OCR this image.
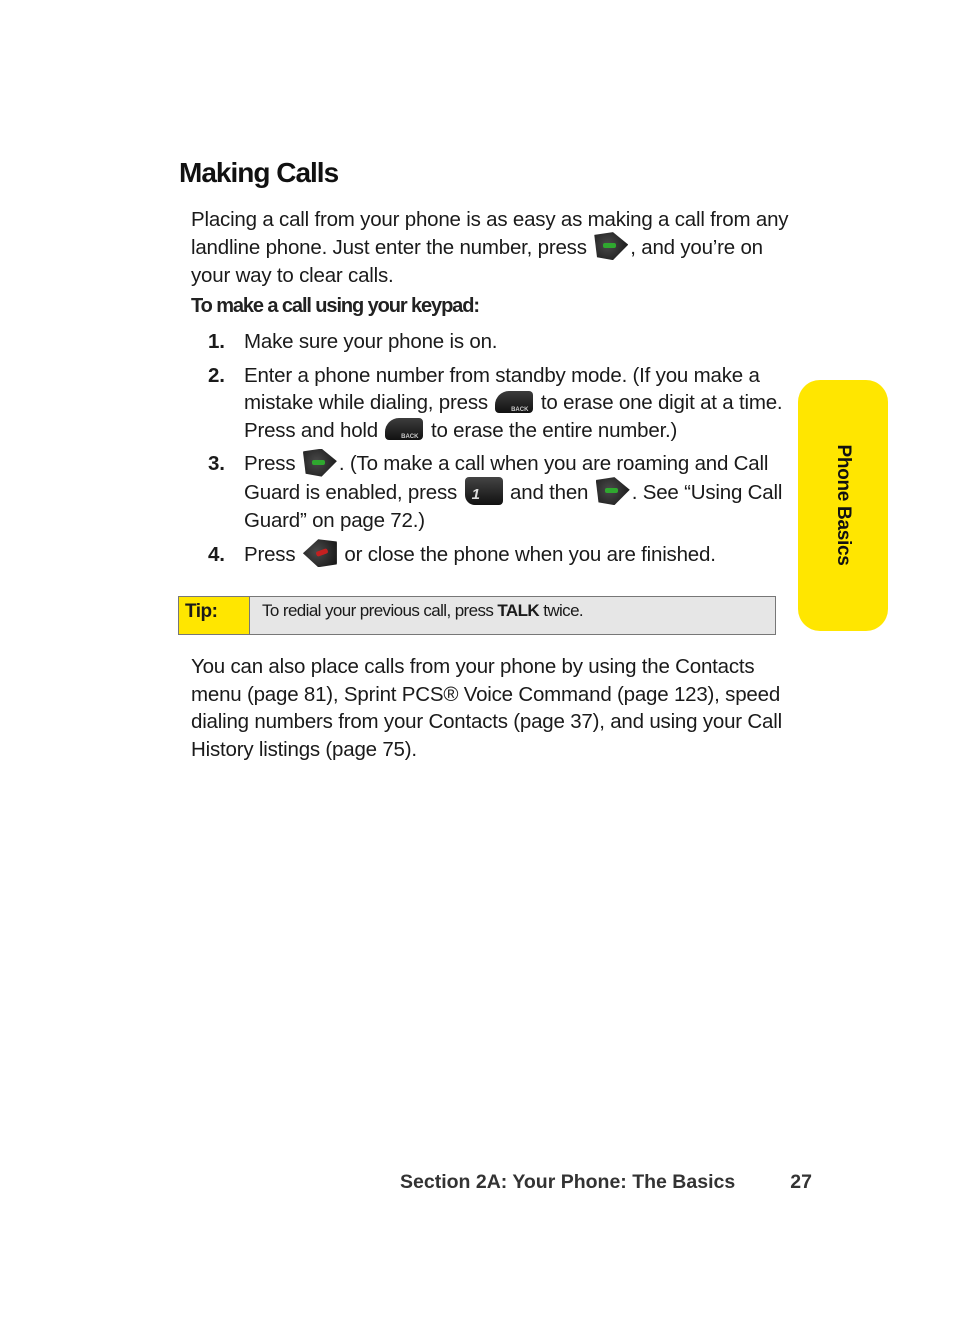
Making Calls
Placing a call from your phone is as easy as making a call from any landline phone. Just enter the number, press , and you’re on your way to clear calls.
To make a call using your keypad:
1. Make sure your phone is on.
2. Enter a phone number from standby mode. (If you make a mistake while dialing, press BACK to erase one digit at a time. Press and hold BACK to erase the entire number.)
3. Press . (To make a call when you are roaming and Call Guard is enabled, press 1 and then . See “Using Call Guard” on page 72.)
4. Press  or close the phone when you are finished.
Tip:	To redial your previous call, press TALK twice.
You can also place calls from your phone by using the Contacts menu (page 81), Sprint PCS® Voice Command (page 123), speed dialing numbers from your Contacts (page 37), and using your Call History listings (page 75).
Phone Basics
Section 2A: Your Phone: The Basics	27
